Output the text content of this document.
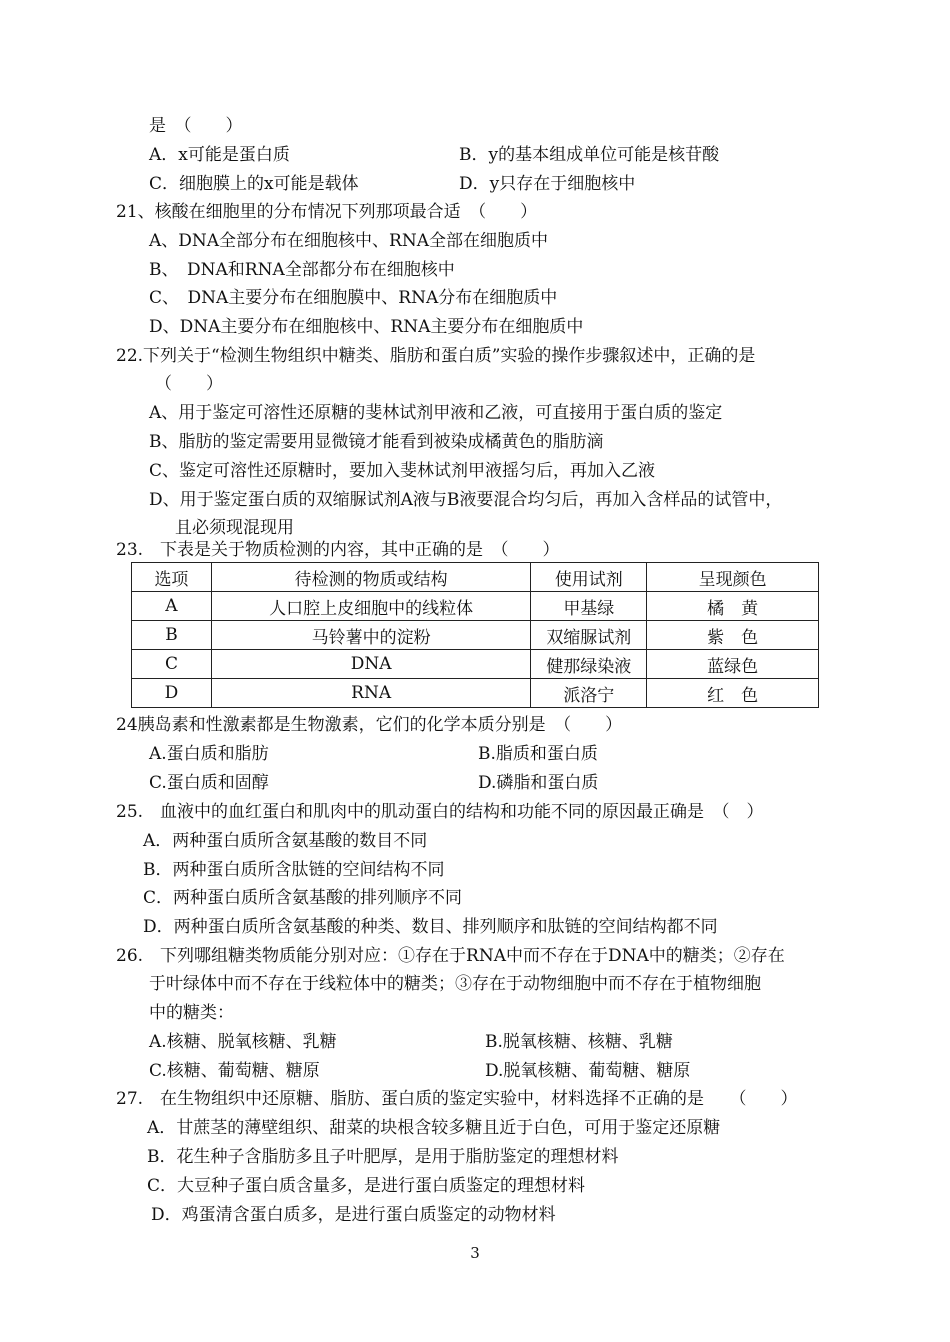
是　（　　）
A．x可能是蛋白质	B．y的基本组成单位可能是核苷酸
C．细胞膜上的x可能是载体	D．y只存在于细胞核中
21、核酸在细胞里的分布情况下列那项最合适　（　　）
A、DNA全部分布在细胞核中、RNA全部在细胞质中
B、　DNA和RNA全部都分布在细胞核中
C、　DNA主要分布在细胞膜中、RNA分布在细胞质中
D、DNA主要分布在细胞核中、RNA主要分布在细胞质中
22.下列关于“检测生物组织中糖类、脂肪和蛋白质”实验的操作步骤叙述中，正确的是
（　　）
A、用于鉴定可溶性还原糖的斐林试剂甲液和乙液，可直接用于蛋白质的鉴定
B、脂肪的鉴定需要用显微镜才能看到被染成橘黄色的脂肪滴
C、鉴定可溶性还原糖时，要加入斐林试剂甲液摇匀后，再加入乙液
D、用于鉴定蛋白质的双缩脲试剂A液与B液要混合均匀后，再加入含样品的试管中，
且必须现混现用
23.　下表是关于物质检测的内容，其中正确的是　（　　）
选项	待检测的物质或结构	使用试剂	呈现颜色
A	人口腔上皮细胞中的线粒体	甲基绿	橘　黄
B	马铃薯中的淀粉	双缩脲试剂	紫　色
C	DNA	健那绿染液	蓝绿色
D	RNA	派洛宁	红　色
24胰岛素和性激素都是生物激素，它们的化学本质分别是　（　　）
A.蛋白质和脂肪	B.脂质和蛋白质
C.蛋白质和固醇	D.磷脂和蛋白质
25.　血液中的血红蛋白和肌肉中的肌动蛋白的结构和功能不同的原因最正确是　（　）
A．两种蛋白质所含氨基酸的数目不同
B．两种蛋白质所含肽链的空间结构不同
C．两种蛋白质所含氨基酸的排列顺序不同
D．两种蛋白质所含氨基酸的种类、数目、排列顺序和肽链的空间结构都不同
26.　下列哪组糖类物质能分别对应：①存在于RNA中而不存在于DNA中的糖类；②存在
于叶绿体中而不存在于线粒体中的糖类；③存在于动物细胞中而不存在于植物细胞
中的糖类：
A.核糖、脱氧核糖、乳糖	B.脱氧核糖、核糖、乳糖
C.核糖、葡萄糖、糖原	D.脱氧核糖、葡萄糖、糖原
27.　在生物组织中还原糖、脂肪、蛋白质的鉴定实验中，材料选择不正确的是　　（　　）
A．甘蔗茎的薄壁组织、甜菜的块根含较多糖且近于白色，可用于鉴定还原糖
B．花生种子含脂肪多且子叶肥厚，是用于脂肪鉴定的理想材料
C．大豆种子蛋白质含量多，是进行蛋白质鉴定的理想材料
D．鸡蛋清含蛋白质多，是进行蛋白质鉴定的动物材料
3
